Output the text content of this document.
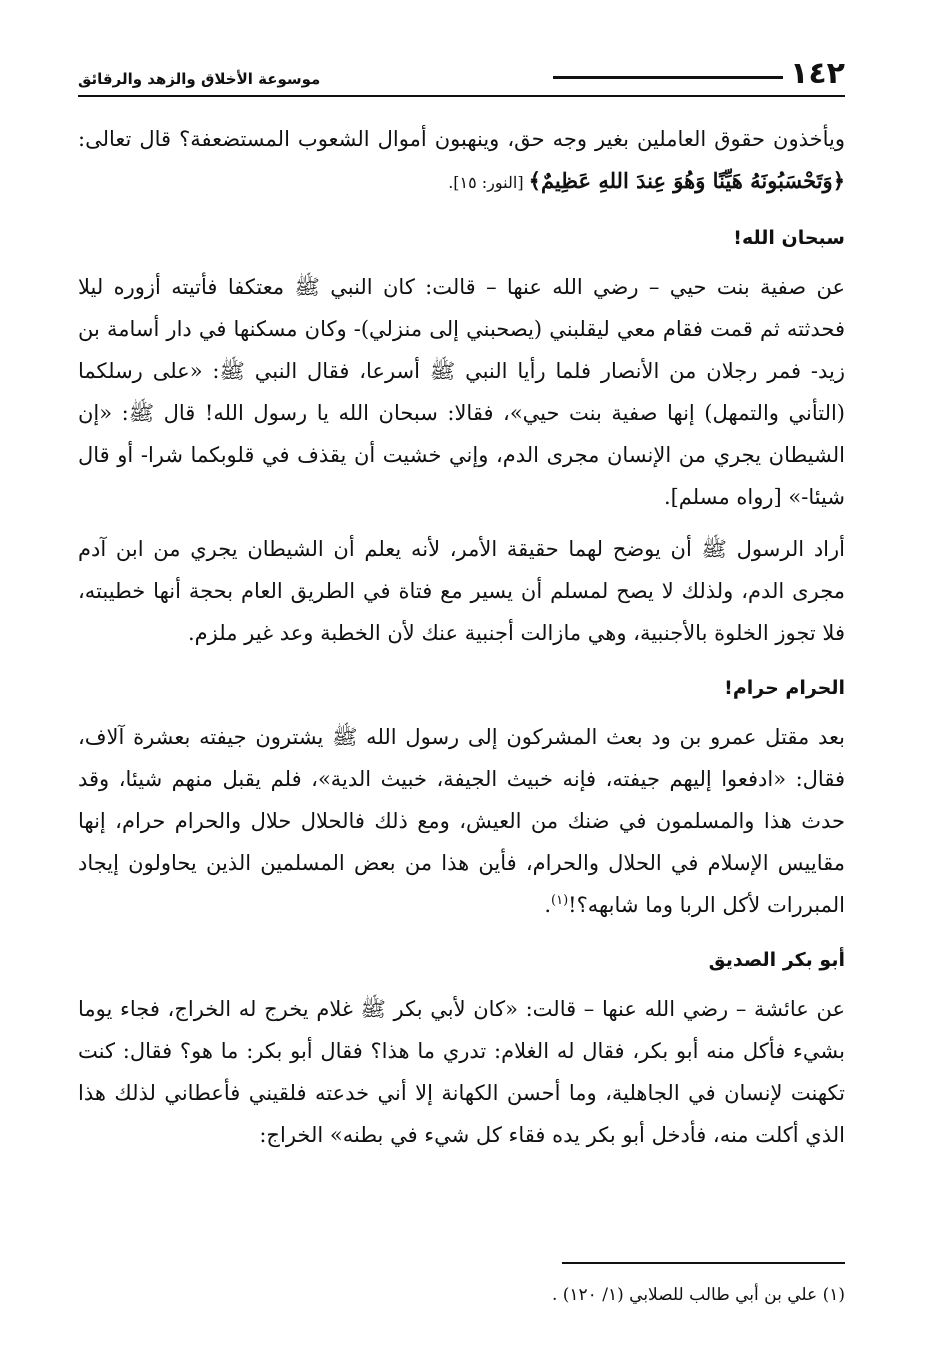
١٤٢
موسوعة الأخلاق والزهد والرقائق

ويأخذون حقوق العاملين بغير وجه حق، وينهبون أموال الشعوب المستضعفة؟ قال تعالى: ﴿وَتَحْسَبُونَهُ هَيِّنًا وَهُوَ عِندَ اللهِ عَظِيمٌ﴾ [النور: ١٥].

سبحان الله!

عن صفية بنت حيي – رضي الله عنها – قالت: كان النبي ﷺ معتكفا فأتيته أزوره ليلا فحدثته ثم قمت فقام معي ليقلبني (يصحبني إلى منزلي)- وكان مسكنها في دار أسامة بن زيد- فمر رجلان من الأنصار فلما رأيا النبي ﷺ أسرعا، فقال النبي ﷺ: «على رسلكما (التأني والتمهل) إنها صفية بنت حيي»، فقالا: سبحان الله يا رسول الله! قال ﷺ: «إن الشيطان يجري من الإنسان مجرى الدم، وإني خشيت أن يقذف في قلوبكما شرا- أو قال شيئا-» [رواه مسلم].

أراد الرسول ﷺ أن يوضح لهما حقيقة الأمر، لأنه يعلم أن الشيطان يجري من ابن آدم مجرى الدم، ولذلك لا يصح لمسلم أن يسير مع فتاة في الطريق العام بحجة أنها خطيبته، فلا تجوز الخلوة بالأجنبية، وهي مازالت أجنبية عنك لأن الخطبة وعد غير ملزم.

الحرام حرام!

بعد مقتل عمرو بن ود بعث المشركون إلى رسول الله ﷺ يشترون جيفته بعشرة آلاف، فقال: «ادفعوا إليهم جيفته، فإنه خبيث الجيفة، خبيث الدية»، فلم يقبل منهم شيئا، وقد حدث هذا والمسلمون في ضنك من العيش، ومع ذلك فالحلال حلال والحرام حرام، إنها مقاييس الإسلام في الحلال والحرام، فأين هذا من بعض المسلمين الذين يحاولون إيجاد المبررات لأكل الربا وما شابهه؟!$^{(١)}$.

أبو بكر الصديق

عن عائشة – رضي الله عنها – قالت: «كان لأبي بكر ﷺ غلام يخرج له الخراج، فجاء يوما بشيء فأكل منه أبو بكر، فقال له الغلام: تدري ما هذا؟ فقال أبو بكر: ما هو؟ فقال: كنت تكهنت لإنسان في الجاهلية، وما أحسن الكهانة إلا أني خدعته فلقيني فأعطاني لذلك هذا الذي أكلت منه، فأدخل أبو بكر يده فقاء كل شيء في بطنه» الخراج:

(١) علي بن أبي طالب للصلابي (١/ ١٢٠) .
